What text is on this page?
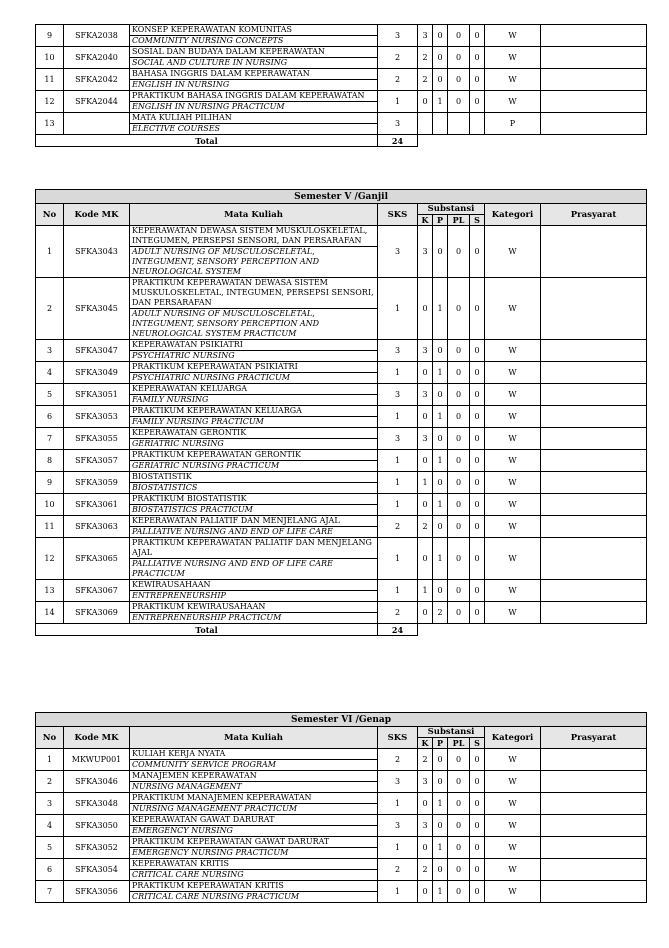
9	SFKA2038	KONSEP KEPERAWATAN KOMUNITAS
COMMUNITY NURSING CONCEPTS	3	3	0	0	0	W	
10	SFKA2040	SOSIAL DAN BUDAYA DALAM KEPERAWATAN
SOCIAL AND CULTURE IN NURSING	2	2	0	0	0	W	
11	SFKA2042	BAHASA INGGRIS DALAM KEPERAWATAN
ENGLISH IN NURSING	2	2	0	0	0	W	
12	SFKA2044	PRAKTIKUM BAHASA INGGRIS DALAM KEPERAWATAN
ENGLISH IN NURSING PRACTICUM	1	0	1	0	0	W	
13		MATA KULIAH PILIHAN
ELECTIVE COURSES	3					P	
Total			24						
Semester V /Ganjil									
No	Kode MK	Mata Kuliah	SKS	Substansi				Kategori	Prasyarat
				K	P	PL	S		
1	SFKA3043	KEPERAWATAN DEWASA SISTEM MUSKULOSKELETAL, INTEGUMEN, PERSEPSI SENSORI, DAN PERSARAFAN
ADULT NURSING OF MUSCULOSCELETAL, INTEGUMENT, SENSORY PERCEPTION AND NEUROLOGICAL SYSTEM	3	3	0	0	0	W	
2	SFKA3045	PRAKTIKUM KEPERAWATAN DEWASA SISTEM MUSKULOSKELETAL, INTEGUMEN, PERSEPSI SENSORI, DAN PERSARAFAN
ADULT NURSING OF MUSCULOSCELETAL, INTEGUMENT, SENSORY PERCEPTION AND NEUROLOGICAL SYSTEM PRACTICUM	1	0	1	0	0	W	
3	SFKA3047	KEPERAWATAN PSIKIATRI
PSYCHIATRIC NURSING	3	3	0	0	0	W	
4	SFKA3049	PRAKTIKUM KEPERAWATAN PSIKIATRI
PSYCHIATRIC NURSING PRACTICUM	1	0	1	0	0	W	
5	SFKA3051	KEPERAWATAN KELUARGA
FAMILY NURSING	3	3	0	0	0	W	
6	SFKA3053	PRAKTIKUM KEPERAWATAN KELUARGA
FAMILY NURSING PRACTICUM	1	0	1	0	0	W	
7	SFKA3055	KEPERAWATAN GERONTIK
GERIATRIC NURSING	3	3	0	0	0	W	
8	SFKA3057	PRAKTIKUM KEPERAWATAN GERONTIK
GERIATRIC NURSING PRACTICUM	1	0	1	0	0	W	
9	SFKA3059	BIOSTATISTIK
BIOSTATISTICS	1	1	0	0	0	W	
10	SFKA3061	PRAKTIKUM BIOSTATISTIK
BIOSTATISTICS PRACTICUM	1	0	1	0	0	W	
11	SFKA3063	KEPERAWATAN PALIATIF DAN MENJELANG AJAL
PALLIATIVE NURSING AND END OF LIFE CARE	2	2	0	0	0	W	
12	SFKA3065	PRAKTIKUM KEPERAWATAN PALIATIF DAN MENJELANG AJAL
PALLIATIVE NURSING AND END OF LIFE CARE PRACTICUM	1	0	1	0	0	W	
13	SFKA3067	KEWIRAUSAHAAN
ENTREPRENEURSHIP	1	1	0	0	0	W	
14	SFKA3069	PRAKTIKUM KEWIRAUSAHAAN
ENTREPRENEURSHIP PRACTICUM	2	0	2	0	0	W	
Total			24						
Semester VI /Genap									
No	Kode MK	Mata Kuliah	SKS	Substansi				Kategori	Prasyarat
				K	P	PL	S		
1	MKWUP001	KULIAH KERJA NYATA
COMMUNITY SERVICE PROGRAM	2	2	0	0	0	W	
2	SFKA3046	MANAJEMEN KEPERAWATAN
NURSING MANAGEMENT	3	3	0	0	0	W	
3	SFKA3048	PRAKTIKUM MANAJEMEN KEPERAWATAN
NURSING MANAGEMENT PRACTICUM	1	0	1	0	0	W	
4	SFKA3050	KEPERAWATAN GAWAT DARURAT
EMERGENCY NURSING	3	3	0	0	0	W	
5	SFKA3052	PRAKTIKUM KEPERAWATAN GAWAT DARURAT
EMERGENCY NURSING PRACTICUM	1	0	1	0	0	W	
6	SFKA3054	KEPERAWATAN KRITIS
CRITICAL CARE NURSING	2	2	0	0	0	W	
7	SFKA3056	PRAKTIKUM KEPERAWATAN KRITIS
CRITICAL CARE NURSING PRACTICUM	1	0	1	0	0	W	
